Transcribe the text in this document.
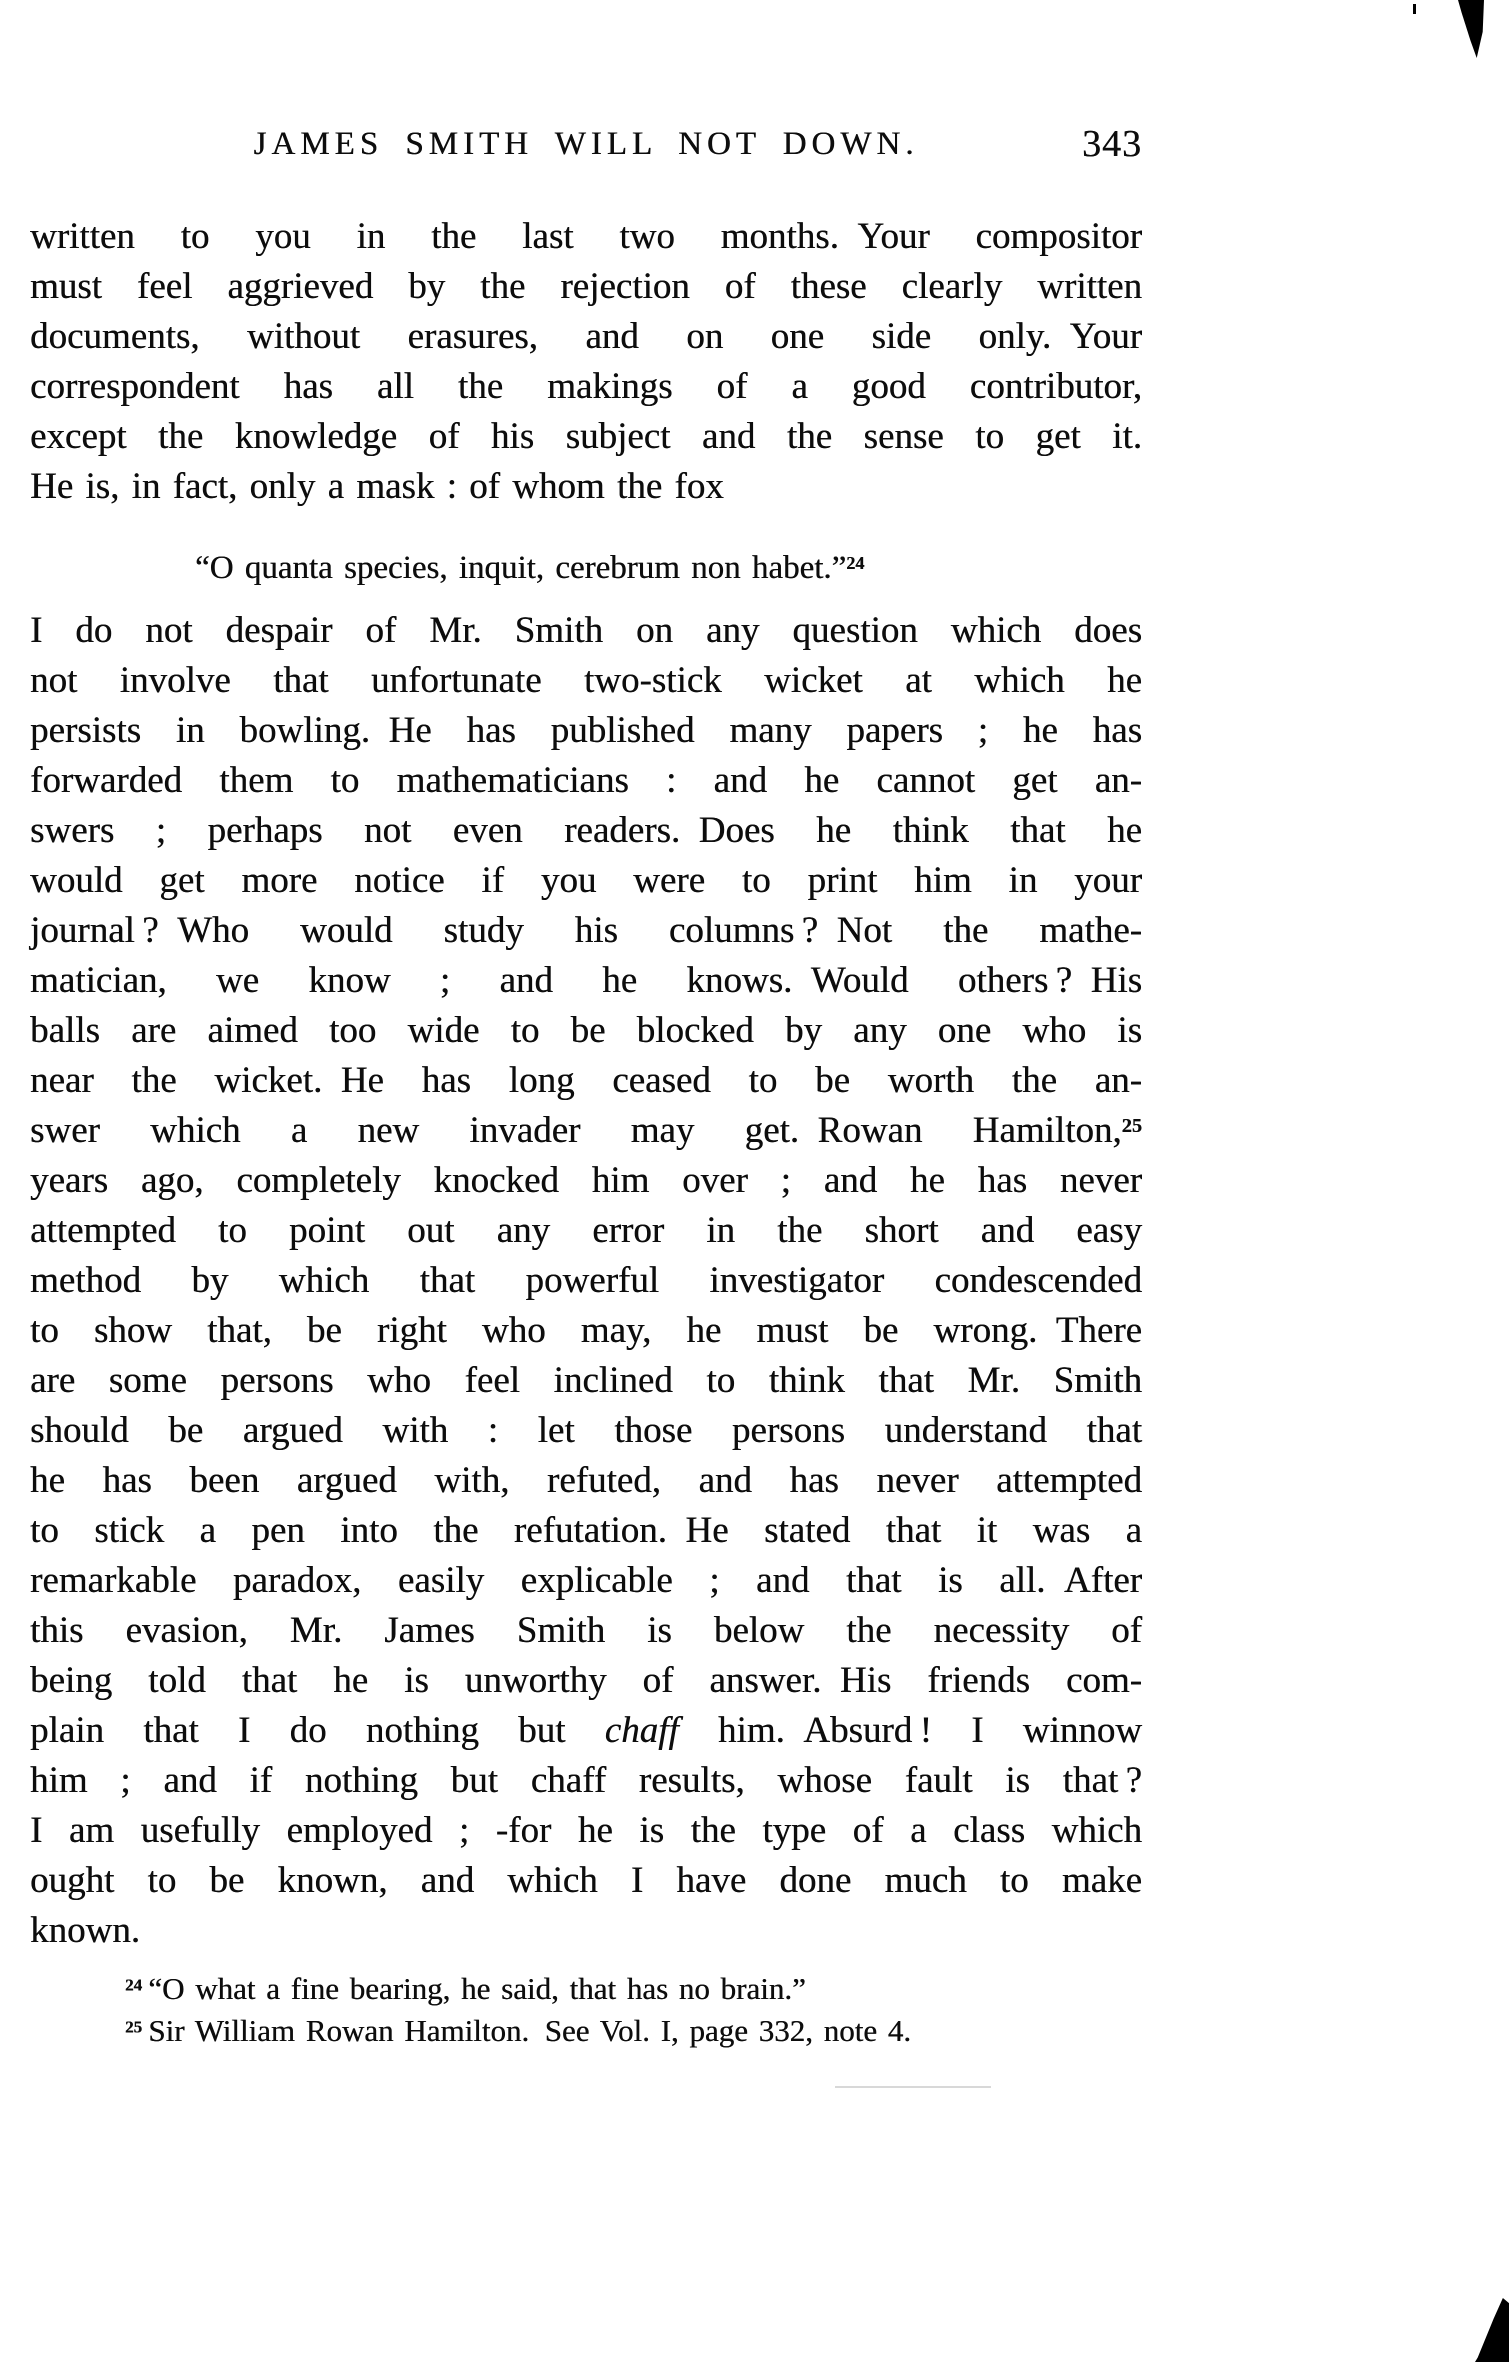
JAMES SMITH WILL NOT DOWN.	343
written to you in the last two months. Your compositor
must feel aggrieved by the rejection of these clearly written
documents, without erasures, and on one side only. Your
correspondent has all the makings of a good contributor,
except the knowledge of his subject and the sense to get it.
He is, in fact, only a mask : of whom the fox
“O quanta species, inquit, cerebrum non habet.”$^{24}$
I do not despair of Mr. Smith on any question which does
not involve that unfortunate two-stick wicket at which he
persists in bowling. He has published many papers ; he has
forwarded them to mathematicians : and he cannot get an-
swers ; perhaps not even readers. Does he think that he
would get more notice if you were to print him in your
journal ? Who would study his columns ? Not the mathe-
matician, we know ; and he knows. Would others ? His
balls are aimed too wide to be blocked by any one who is
near the wicket. He has long ceased to be worth the an-
swer which a new invader may get. Rowan Hamilton,$^{25}$
years ago, completely knocked him over ; and he has never
attempted to point out any error in the short and easy
method by which that powerful investigator condescended
to show that, be right who may, he must be wrong. There
are some persons who feel inclined to think that Mr. Smith
should be argued with : let those persons understand that
he has been argued with, refuted, and has never attempted
to stick a pen into the refutation. He stated that it was a
remarkable paradox, easily explicable ; and that is all. After
this evasion, Mr. James Smith is below the necessity of
being told that he is unworthy of answer. His friends com-
plain that I do nothing but chaff him. Absurd ! I winnow
him ; and if nothing but chaff results, whose fault is that ?
I am usefully employed ; -for he is the type of a class which
ought to be known, and which I have done much to make
known.
$^{24}$ “O what a fine bearing, he said, that has no brain.”
$^{25}$ Sir William Rowan Hamilton. See Vol. I, page 332, note 4.
